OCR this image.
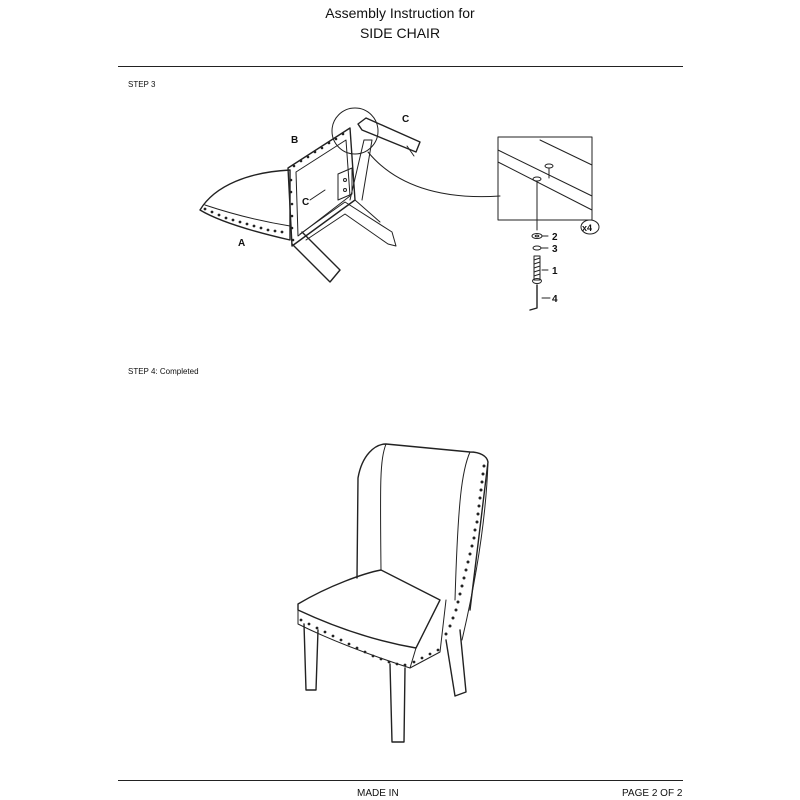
Assembly Instruction for
SIDE CHAIR
STEP 3
A
B
C
C
2
3
1
4
x4
STEP 4: Completed
MADE IN	PAGE 2 OF 2
